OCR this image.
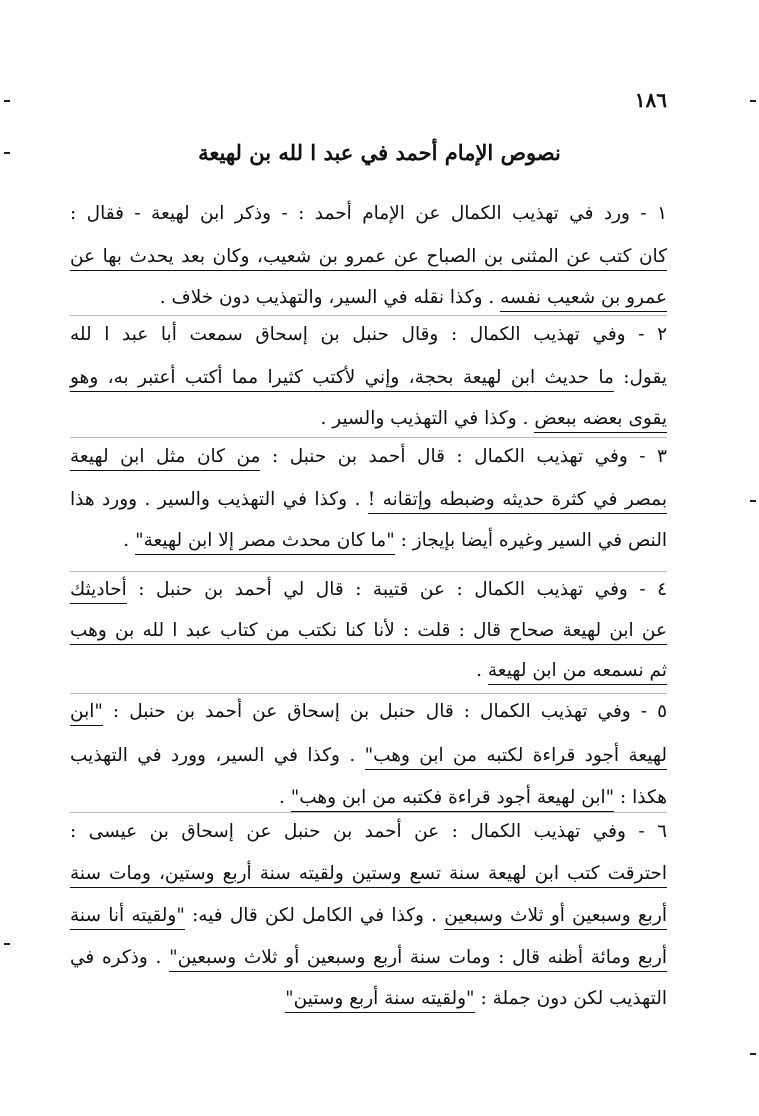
١٨٦
نصوص الإمام أحمد في عبد ا لله بن لهيعة
١ - ورد في تهذيب الكمال عن الإمام أحمد : - وذكر ابن لهيعة - فقال :
كان كتب عن المثنى بن الصباح عن عمرو بن شعيب، وكان بعد يحدث بها عن
عمرو بن شعيب نفسه . وكذا نقله في السير، والتهذيب دون خلاف .
٢ - وفي تهذيب الكمال : وقال حنبل بن إسحاق سمعت أبا عبد ا لله
يقول: ما حديث ابن لهيعة بحجة، وإني لأكتب كثيرا مما أكتب أعتبر به، وهو
يقوى بعضه ببعض . وكذا في التهذيب والسير .
٣ - وفي تهذيب الكمال : قال أحمد بن حنبل : من كان مثل ابن لهيعة
بمصر في كثرة حديثه وضبطه وإتقانه ! . وكذا في التهذيب والسير . وورد هذا
النص في السير وغيره أيضا بإيجاز : "ما كان محدث مصر إلا ابن لهيعة" .
٤ - وفي تهذيب الكمال : عن قتيبة : قال لي أحمد بن حنبل : أحاديثك
عن ابن لهيعة صحاح قال : قلت : لأنا كنا نكتب من كتاب عبد ا لله بن وهب
ثم نسمعه من ابن لهيعة .
٥ - وفي تهذيب الكمال : قال حنبل بن إسحاق عن أحمد بن حنبل : "ابن
لهيعة أجود قراءة لكتبه من ابن وهب" . وكذا في السير، وورد في التهذيب
هكذا : "ابن لهيعة أجود قراءة فكتبه من ابن وهب" .
٦ - وفي تهذيب الكمال : عن أحمد بن حنبل عن إسحاق بن عيسى :
احترقت كتب ابن لهيعة سنة تسع وستين ولقيته سنة أربع وستين، ومات سنة
أربع وسبعين أو ثلاث وسبعين . وكذا في الكامل لكن قال فيه: "ولقيته أنا سنة
أربع ومائة أظنه قال : ومات سنة أربع وسبعين أو ثلاث وسبعين" . وذكره في
التهذيب لكن دون جملة : "ولقيته سنة أربع وستين"
